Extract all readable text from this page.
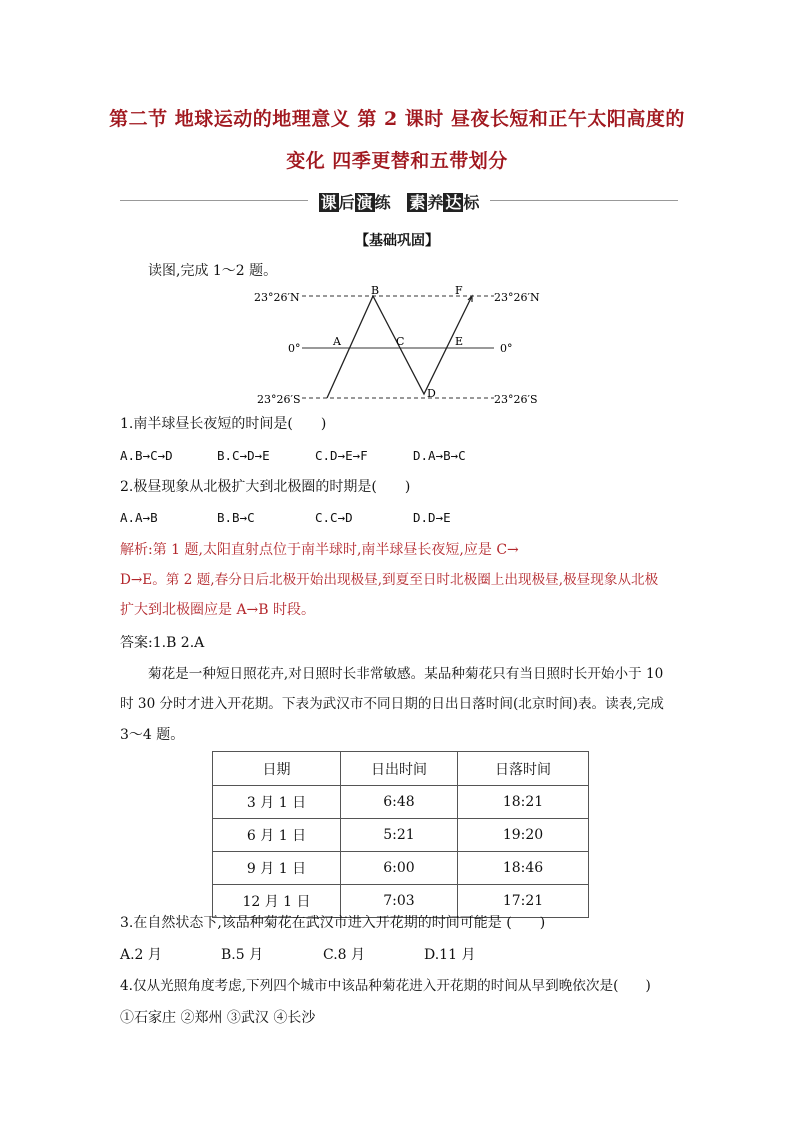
第二节 地球运动的地理意义 第 2 课时 昼夜长短和正午太阳高度的
变化 四季更替和五带划分
课 后 演 练 素 养 达 标
【基础巩固】
读图,完成 1～2 题。
23°26′N	23°26′N
0°	0°
23°26′S	23°26′S
A
B
C
D
E
F
1.南半球昼长夜短的时间是(　　)
A.B→C→D	B.C→D→E	C.D→E→F	D.A→B→C
2.极昼现象从北极扩大到北极圈的时期是(　　)
A.A→B	B.B→C	C.C→D	D.D→E
解析:第 1 题,太阳直射点位于南半球时,南半球昼长夜短,应是 C→
D→E。第 2 题,春分日后北极开始出现极昼,到夏至日时北极圈上出现极昼,极昼现象从北极
扩大到北极圈应是 A→B 时段。
答案:1.B 2.A
菊花是一种短日照花卉,对日照时长非常敏感。某品种菊花只有当日照时长开始小于 10
时 30 分时才进入开花期。下表为武汉市不同日期的日出日落时间(北京时间)表。读表,完成
3～4 题。
日期	日出时间	日落时间
3 月 1 日	6:48	18:21
6 月 1 日	5:21	19:20
9 月 1 日	6:00	18:46
12 月 1 日	7:03	17:21
3.在自然状态下,该品种菊花在武汉市进入开花期的时间可能是 (　　)
A.2 月	B.5 月	C.8 月	D.11 月
4.仅从光照角度考虑,下列四个城市中该品种菊花进入开花期的时间从早到晚依次是(　　)
①石家庄 ②郑州 ③武汉 ④长沙
